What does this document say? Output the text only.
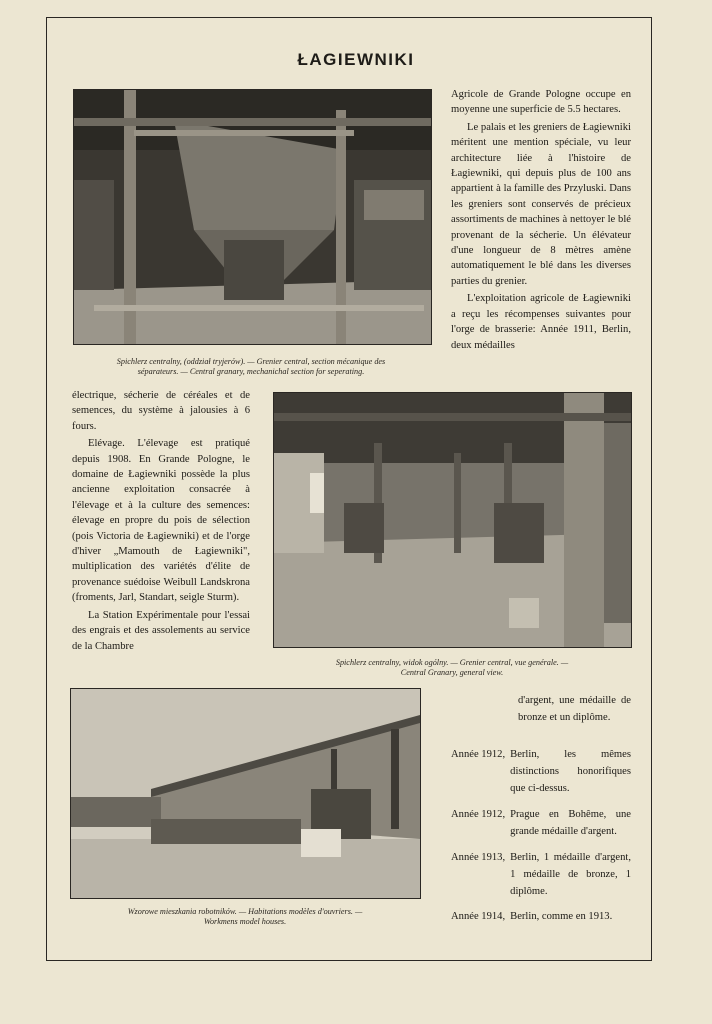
ŁAGIEWNIKI
Spichlerz centralny, (oddział tryjerów). — Grenier central, section mécanique des
séparateurs. — Central granary, mechanichal section for seperating.

Agricole de Grande Pologne occupe en moyenne une superficie de 5.5 hectares.

Le palais et les greniers de Łagiewniki méritent une mention spéciale, vu leur architecture liée à l'histoire de Łagiewniki, qui depuis plus de 100 ans appartient à la famille des Przyluski. Dans les greniers sont conservés de précieux assortiments de machines à nettoyer le blé provenant de la sécherie. Un élévateur d'une longueur de 8 mètres amène automatiquement le blé dans les diverses parties du grenier.

L'exploitation agricole de Łagiewniki a reçu les récompenses suivantes pour l'orge de brasserie: Année 1911, Berlin, deux médailles

Spichlerz centralny, widok ogólny. — Grenier central, vue genérale. —
Central Granary, general view.

électrique, sécherie de céréales et de semences, du système à jalousies à 6 fours.

Elévage. L'élevage est pratiqué depuis 1908. En Grande Pologne, le domaine de Łagiewniki possède la plus ancienne exploitation consacrée à l'élevage et à la culture des semences: élevage en propre du pois de sélection (pois Victoria de Łagiewniki) et de l'orge d'hiver „Mamouth de Łagiewniki", multiplication des variétés d'élite de provenance suédoise Weibull Landskrona (froments, Jarl, Standart, seigle Sturm).

La Station Expérimentale pour l'essai des engrais et des assolements au service de la Chambre

Wzorowe mieszkania robotników. — Habitations modèles d'ouvriers. —
Workmens model houses.

d'argent, une médaille de bronze et un diplôme.

Année 1912, Berlin, les mêmes distinctions honorifiques que ci-dessus.
Année 1912, Prague en Bohême, une grande médaille d'argent.
Année 1913, Berlin, 1 médaille d'argent, 1 médaille de bronze, 1 diplôme.
Année 1914, Berlin, comme en 1913.
